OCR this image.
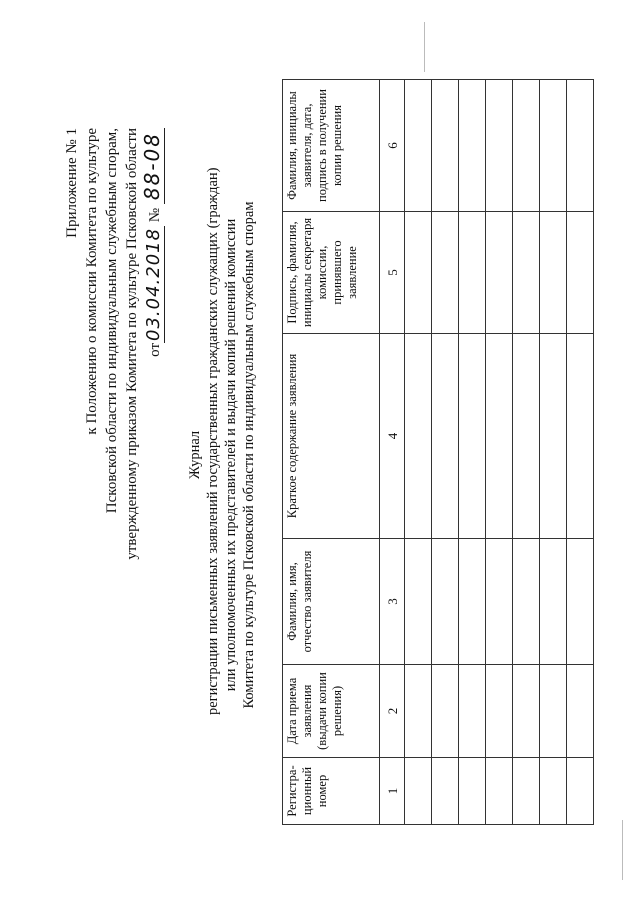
Приложение № 1 к Положению о комиссии Комитета по культуре Псковской области по индивидуальным служебным спорам, утвержденному приказом Комитета по культуре Псковской области от03.04.2018 № 88-08
Журнал регистрации письменных заявлений государственных гражданских служащих (граждан) или уполномоченных их представителей и выдачи копий решений комиссии Комитета по культуре Псковской области по индивидуальным служебным спорам
Регистра-ционный номер	Дата приема заявления (выдачи копии решения)	Фамилия, имя, отчество заявителя	Краткое содержание заявления	Подпись, фамилия, инициалы секретаря комиссии, принявшего заявление	Фамилия, инициалы заявителя, дата, подпись в получении копии решения
1	2	3	4	5	6
